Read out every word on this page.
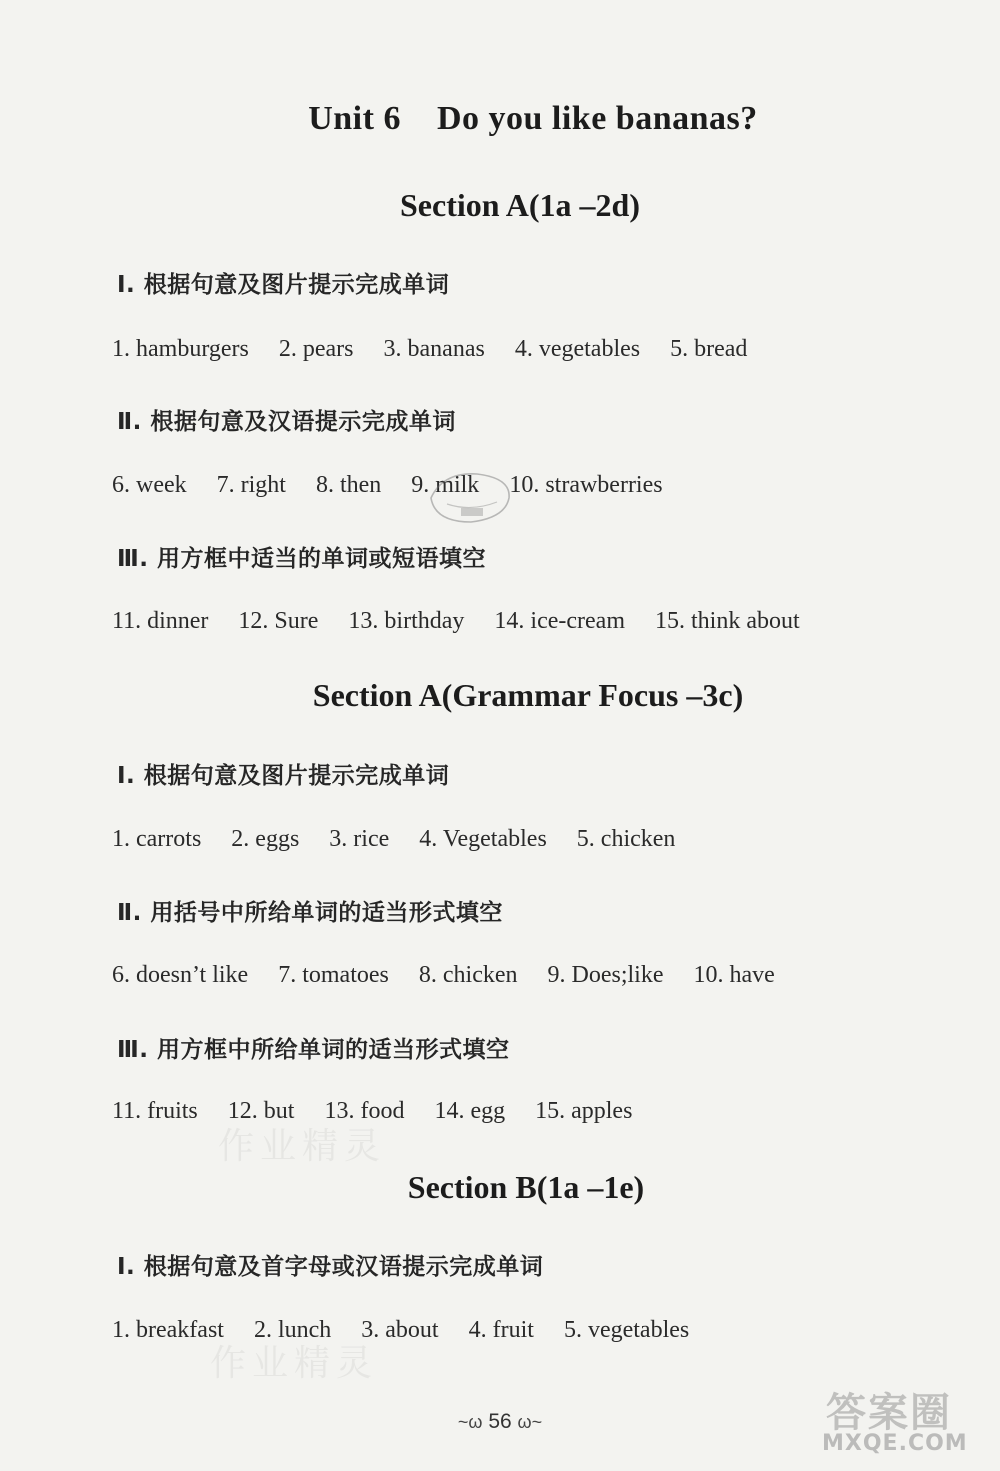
Unit 6    Do you like bananas?
Section A(1a –2d)
Ⅰ. 根据句意及图片提示完成单词
1. hamburgers 2. pears 3. bananas 4. vegetables 5. bread
Ⅱ. 根据句意及汉语提示完成单词
6. week 7. right 8. then 9. milk 10. strawberries
Ⅲ. 用方框中适当的单词或短语填空
11. dinner 12. Sure 13. birthday 14. ice-cream 15. think about
Section A(Grammar Focus –3c)
Ⅰ. 根据句意及图片提示完成单词
1. carrots 2. eggs 3. rice 4. Vegetables 5. chicken
Ⅱ. 用括号中所给单词的适当形式填空
6. doesn’t like 7. tomatoes 8. chicken 9. Does;like 10. have
Ⅲ. 用方框中所给单词的适当形式填空
11. fruits 12. but 13. food 14. egg 15. apples
作业精灵
Section B(1a –1e)
Ⅰ. 根据句意及首字母或汉语提示完成单词
1. breakfast 2. lunch 3. about 4. fruit 5. vegetables
作业精灵
~ω 56 ω~	答案圈
MXQE.COM
